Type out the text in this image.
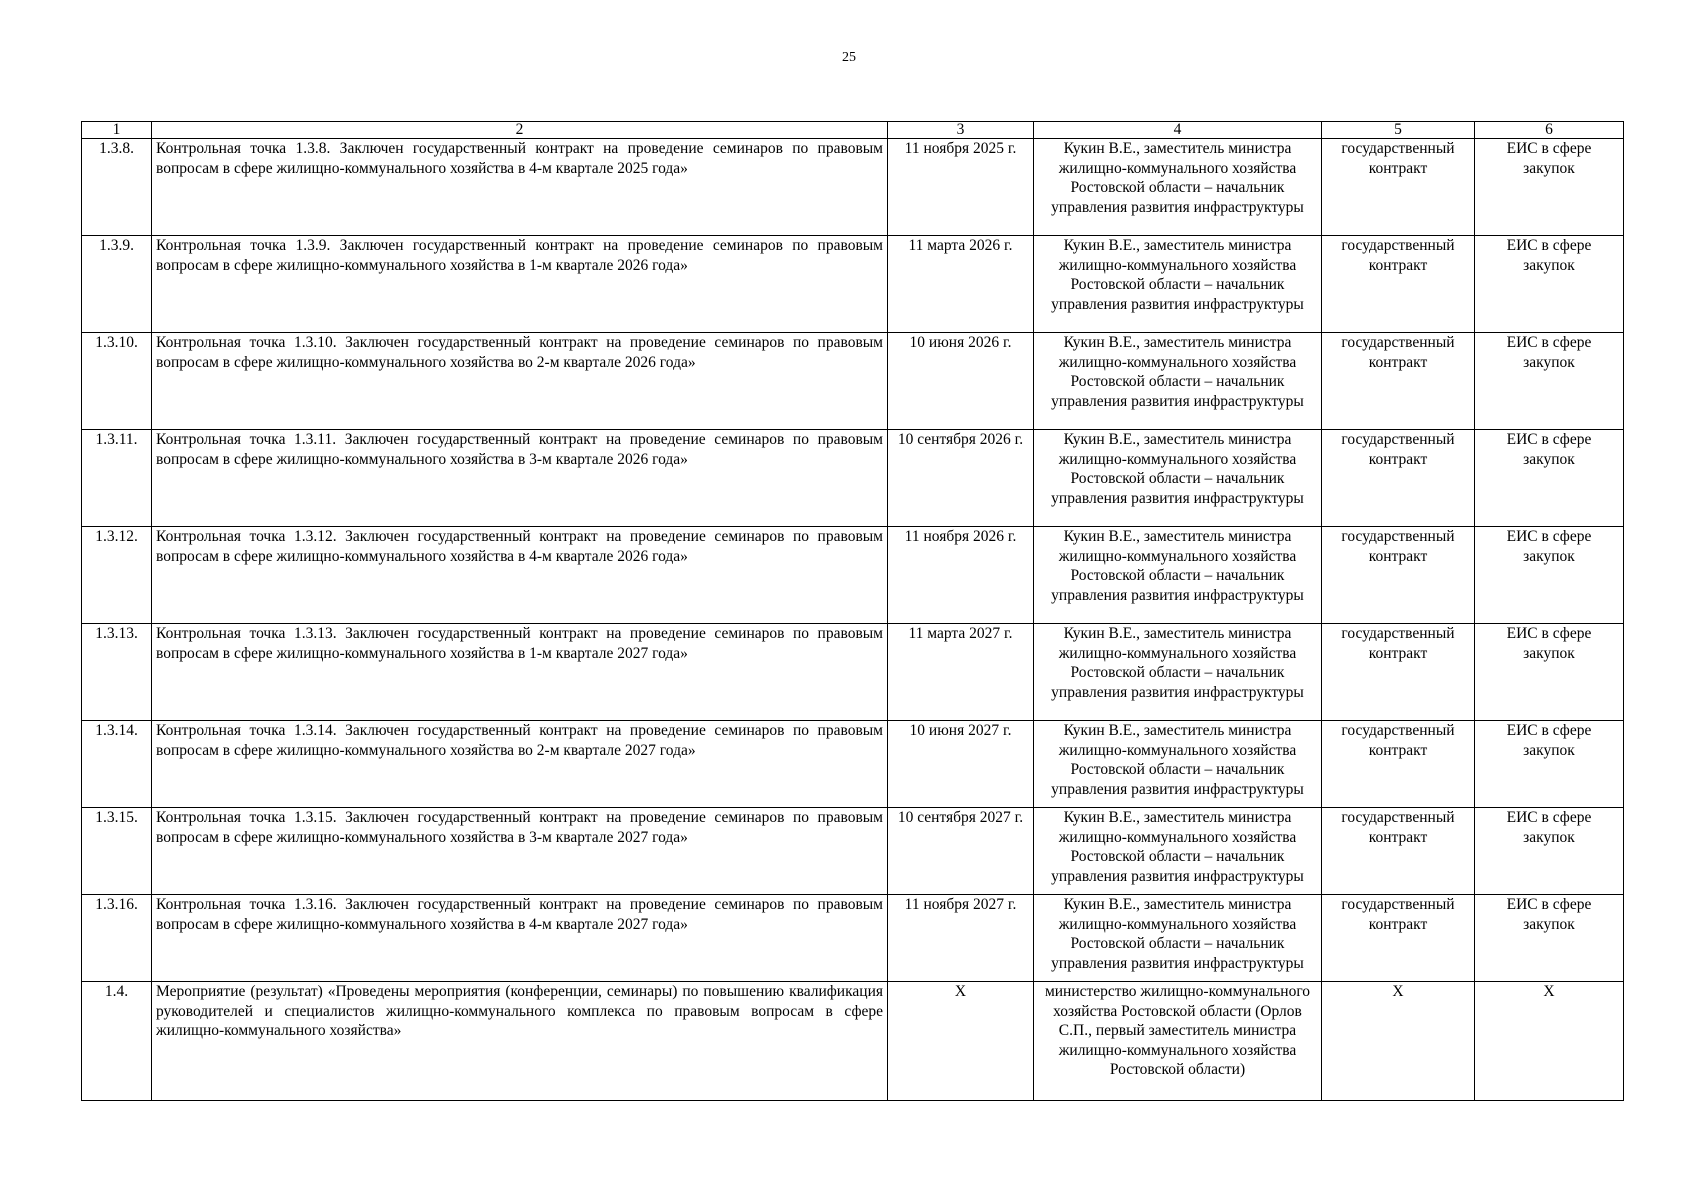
25
1	2	3	4	5	6
1.3.8.	Контрольная точка 1.3.8. Заключен государственный контракт на проведение семинаров по правовым вопросам в сфере жилищно-коммунального хозяйства в 4-м квартале 2025 года»	11 ноября 2025 г.	Кукин В.Е., заместитель министра жилищно-коммунального хозяйства Ростовской области – начальник управления развития инфраструктуры	государственный контракт	ЕИС в сфере закупок
1.3.9.	Контрольная точка 1.3.9. Заключен государственный контракт на проведение семинаров по правовым вопросам в сфере жилищно-коммунального хозяйства в 1-м квартале 2026 года»	11 марта 2026 г.	Кукин В.Е., заместитель министра жилищно-коммунального хозяйства Ростовской области – начальник управления развития инфраструктуры	государственный контракт	ЕИС в сфере закупок
1.3.10.	Контрольная точка 1.3.10. Заключен государственный контракт на проведение семинаров по правовым вопросам в сфере жилищно-коммунального хозяйства во 2-м квартале 2026 года»	10 июня 2026 г.	Кукин В.Е., заместитель министра жилищно-коммунального хозяйства Ростовской области – начальник управления развития инфраструктуры	государственный контракт	ЕИС в сфере закупок
1.3.11.	Контрольная точка 1.3.11. Заключен государственный контракт на проведение семинаров по правовым вопросам в сфере жилищно-коммунального хозяйства в 3-м квартале 2026 года»	10 сентября 2026 г.	Кукин В.Е., заместитель министра жилищно-коммунального хозяйства Ростовской области – начальник управления развития инфраструктуры	государственный контракт	ЕИС в сфере закупок
1.3.12.	Контрольная точка 1.3.12. Заключен государственный контракт на проведение семинаров по правовым вопросам в сфере жилищно-коммунального хозяйства в 4-м квартале 2026 года»	11 ноября 2026 г.	Кукин В.Е., заместитель министра жилищно-коммунального хозяйства Ростовской области – начальник управления развития инфраструктуры	государственный контракт	ЕИС в сфере закупок
1.3.13.	Контрольная точка 1.3.13. Заключен государственный контракт на проведение семинаров по правовым вопросам в сфере жилищно-коммунального хозяйства в 1-м квартале 2027 года»	11 марта 2027 г.	Кукин В.Е., заместитель министра жилищно-коммунального хозяйства Ростовской области – начальник управления развития инфраструктуры	государственный контракт	ЕИС в сфере закупок
1.3.14.	Контрольная точка 1.3.14. Заключен государственный контракт на проведение семинаров по правовым вопросам в сфере жилищно-коммунального хозяйства во 2-м квартале 2027 года»	10 июня 2027 г.	Кукин В.Е., заместитель министра жилищно-коммунального хозяйства Ростовской области – начальник управления развития инфраструктуры	государственный контракт	ЕИС в сфере закупок
1.3.15.	Контрольная точка 1.3.15. Заключен государственный контракт на проведение семинаров по правовым вопросам в сфере жилищно-коммунального хозяйства в 3-м квартале 2027 года»	10 сентября 2027 г.	Кукин В.Е., заместитель министра жилищно-коммунального хозяйства Ростовской области – начальник управления развития инфраструктуры	государственный контракт	ЕИС в сфере закупок
1.3.16.	Контрольная точка 1.3.16. Заключен государственный контракт на проведение семинаров по правовым вопросам в сфере жилищно-коммунального хозяйства в 4-м квартале 2027 года»	11 ноября 2027 г.	Кукин В.Е., заместитель министра жилищно-коммунального хозяйства Ростовской области – начальник управления развития инфраструктуры	государственный контракт	ЕИС в сфере закупок
1.4.	Мероприятие (результат) «Проведены мероприятия (конференции, семинары) по повышению квалификация руководителей и специалистов жилищно-коммунального комплекса по правовым вопросам в сфере жилищно-коммунального хозяйства»	Х	министерство жилищно-коммунального хозяйства Ростовской области (Орлов С.П., первый заместитель министра жилищно-коммунального хозяйства Ростовской области)	Х	Х
